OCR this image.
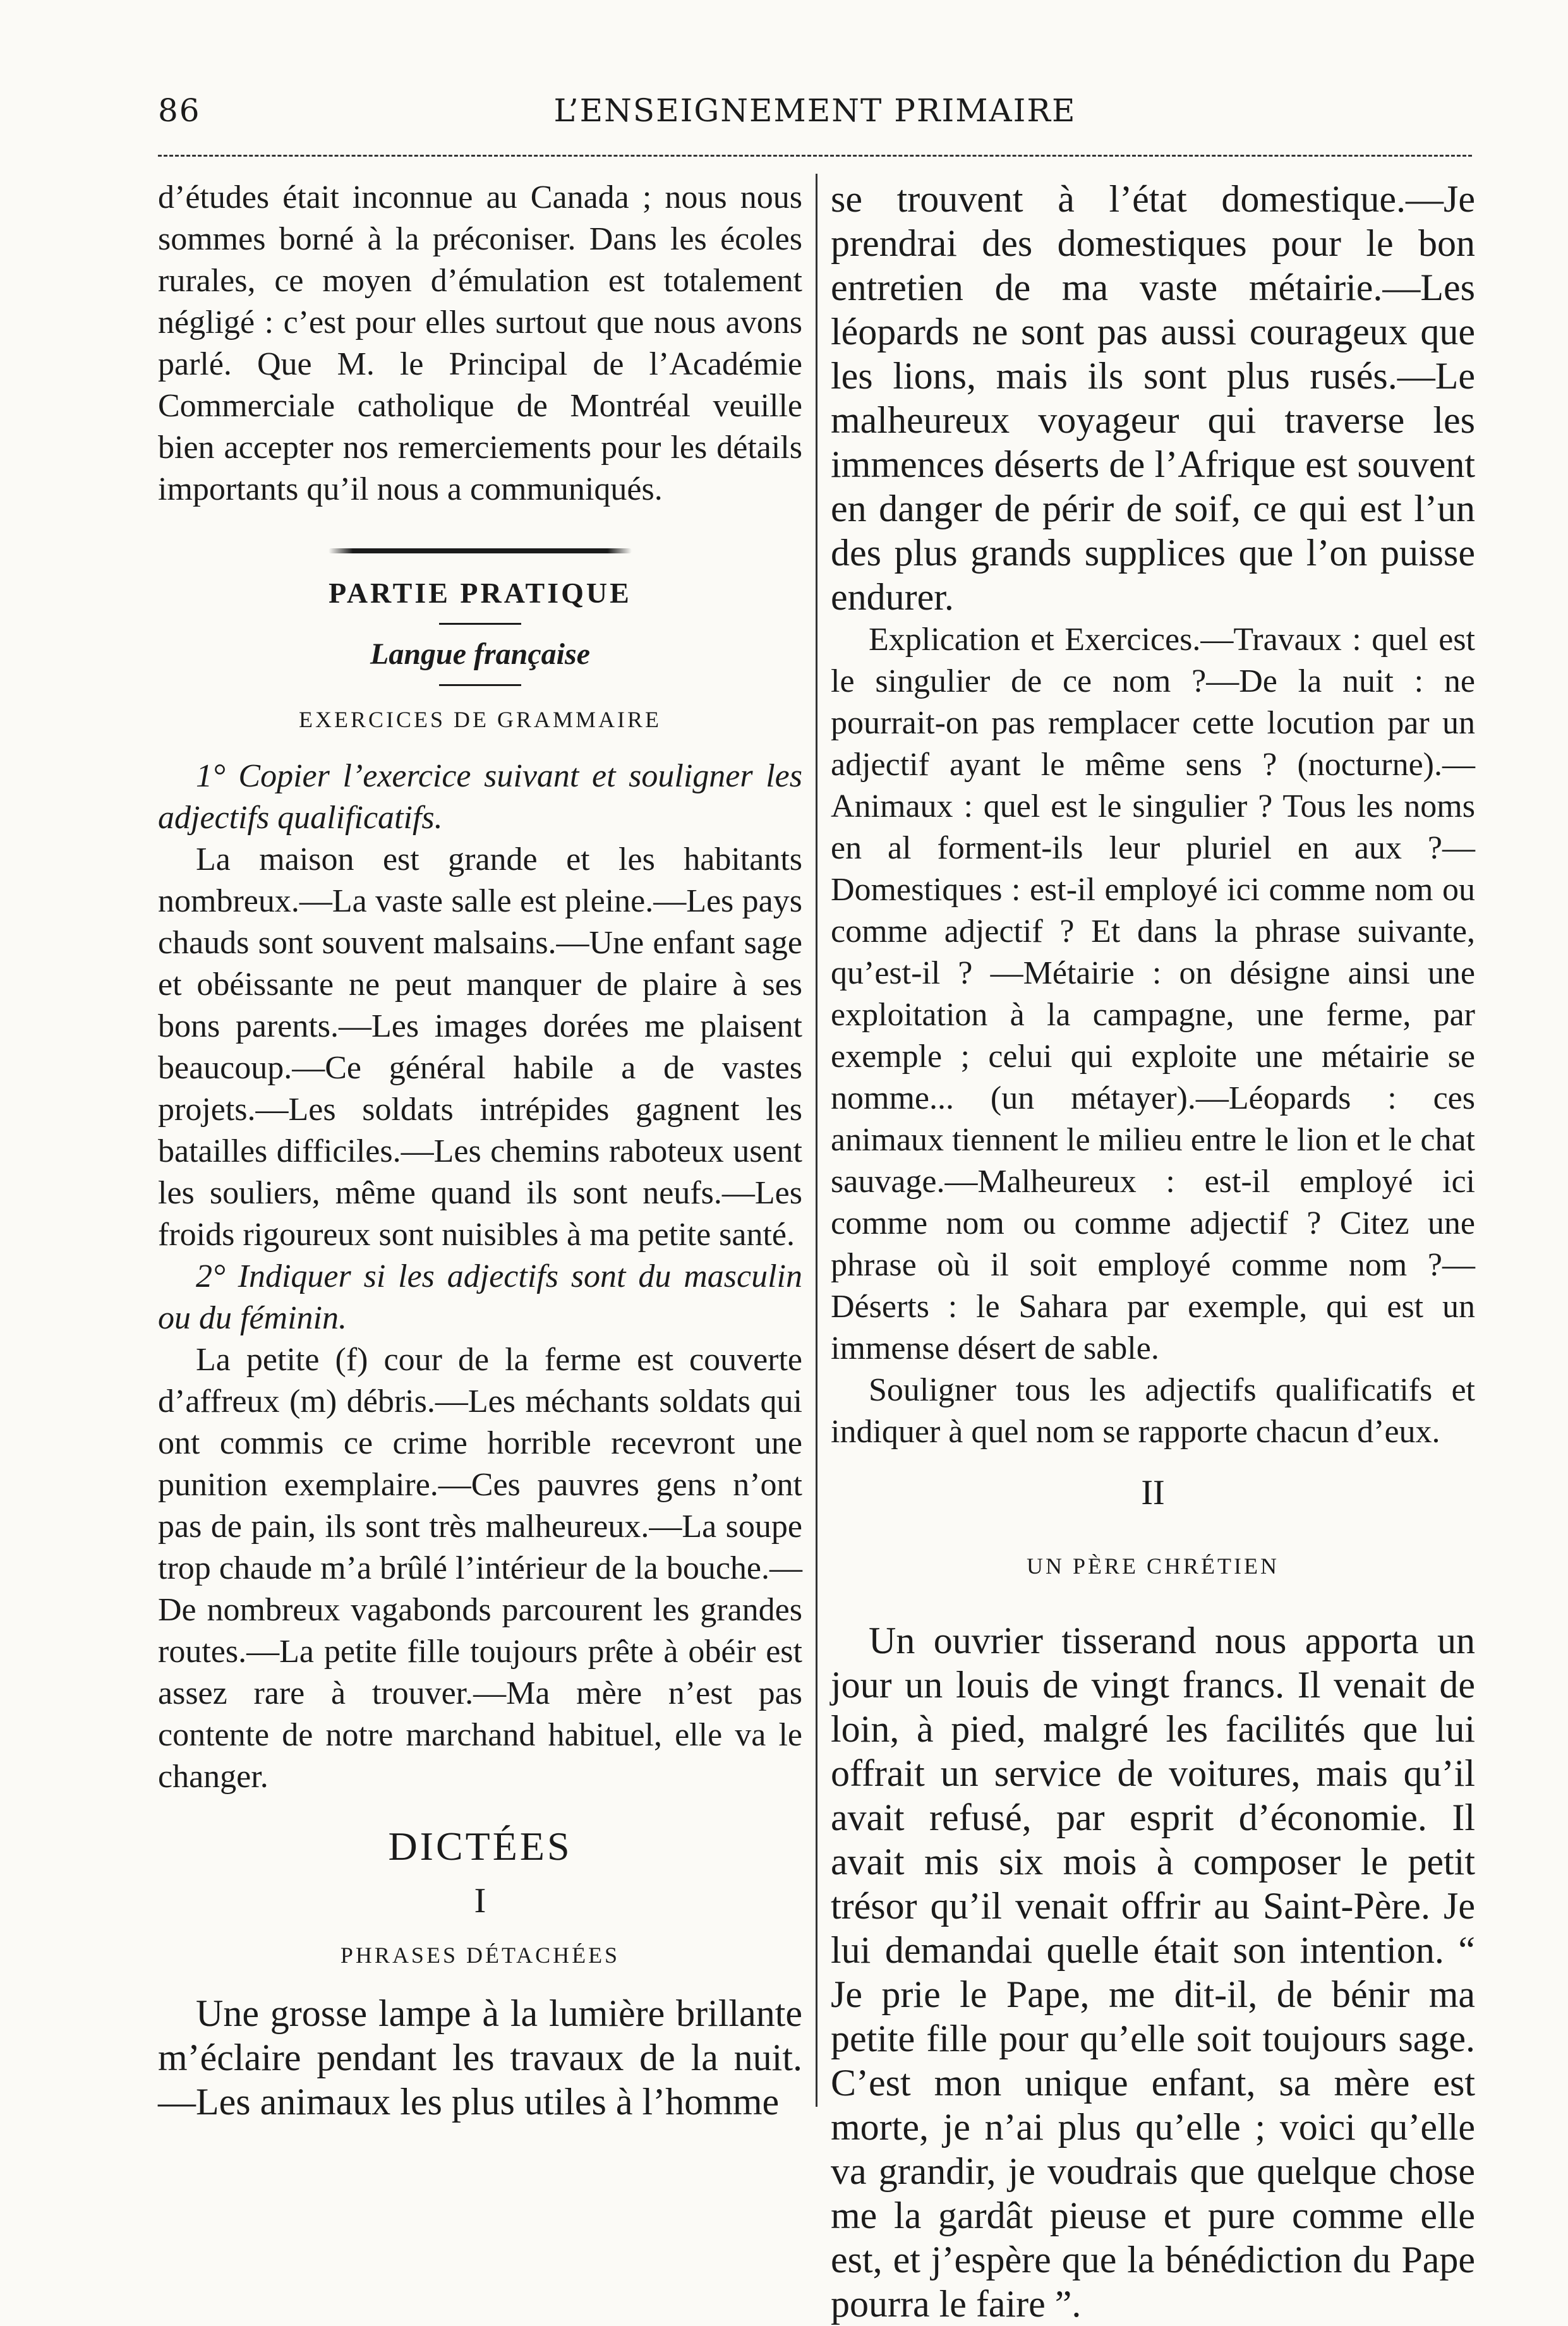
86	L’ENSEIGNEMENT PRIMAIRE

d’études était inconnue au Canada ; nous nous sommes borné à la préconiser. Dans les écoles rurales, ce moyen d’émulation est totalement négligé : c’est pour elles surtout que nous avons parlé. Que M. le Principal de l’Académie Commerciale catholique de Montréal veuille bien accepter nos remerciements pour les détails importants qu’il nous a communiqués.

PARTIE PRATIQUE
Langue française
EXERCICES DE GRAMMAIRE

1° Copier l’exercice suivant et souligner les adjectifs qualificatifs.

La maison est grande et les habitants nombreux.—La vaste salle est pleine.—Les pays chauds sont souvent malsains.—Une enfant sage et obéissante ne peut manquer de plaire à ses bons parents.—Les images dorées me plaisent beaucoup.—Ce général habile a de vastes projets.—Les soldats intrépides gagnent les batailles difficiles.—Les chemins raboteux usent les souliers, même quand ils sont neufs.—Les froids rigoureux sont nuisibles à ma petite santé.

2° Indiquer si les adjectifs sont du masculin ou du féminin.

La petite (f) cour de la ferme est couverte d’affreux (m) débris.—Les méchants soldats qui ont commis ce crime horrible recevront une punition exemplaire.—Ces pauvres gens n’ont pas de pain, ils sont très malheureux.—La soupe trop chaude m’a brûlé l’intérieur de la bouche.—De nombreux vagabonds parcourent les grandes routes.—La petite fille toujours prête à obéir est assez rare à trouver.—Ma mère n’est pas contente de notre marchand habituel, elle va le changer.

DICTÉES
I
PHRASES DÉTACHÉES

Une grosse lampe à la lumière brillante m’éclaire pendant les travaux de la nuit. —Les animaux les plus utiles à l’homme

se trouvent à l’état domestique.—Je prendrai des domestiques pour le bon entretien de ma vaste métairie.—Les léopards ne sont pas aussi courageux que les lions, mais ils sont plus rusés.—Le malheureux voyageur qui traverse les immences déserts de l’Afrique est souvent en danger de périr de soif, ce qui est l’un des plus grands supplices que l’on puisse endurer.

Explication et Exercices.—Travaux : quel est le singulier de ce nom ?—De la nuit : ne pourrait-on pas remplacer cette locution par un adjectif ayant le même sens ? (nocturne).—Animaux : quel est le singulier ? Tous les noms en al forment-ils leur pluriel en aux ?—Domestiques : est-il employé ici comme nom ou comme adjectif ? Et dans la phrase suivante, qu’est-il ? —Métairie : on désigne ainsi une exploitation à la campagne, une ferme, par exemple ; celui qui exploite une métairie se nomme... (un métayer).—Léopards : ces animaux tiennent le milieu entre le lion et le chat sauvage.—Malheureux : est-il employé ici comme nom ou comme adjectif ? Citez une phrase où il soit employé comme nom ?—Déserts : le Sahara par exemple, qui est un immense désert de sable.

Souligner tous les adjectifs qualificatifs et indiquer à quel nom se rapporte chacun d’eux.

II
UN PÈRE CHRÉTIEN

Un ouvrier tisserand nous apporta un jour un louis de vingt francs. Il venait de loin, à pied, malgré les facilités que lui offrait un service de voitures, mais qu’il avait refusé, par esprit d’économie. Il avait mis six mois à composer le petit trésor qu’il venait offrir au Saint-Père. Je lui demandai quelle était son intention. “ Je prie le Pape, me dit-il, de bénir ma petite fille pour qu’elle soit toujours sage. C’est mon unique enfant, sa mère est morte, je n’ai plus qu’elle ; voici qu’elle va grandir, je voudrais que quelque chose me la gardât pieuse et pure comme elle est, et j’espère que la bénédiction du Pape pourra le faire ”.
